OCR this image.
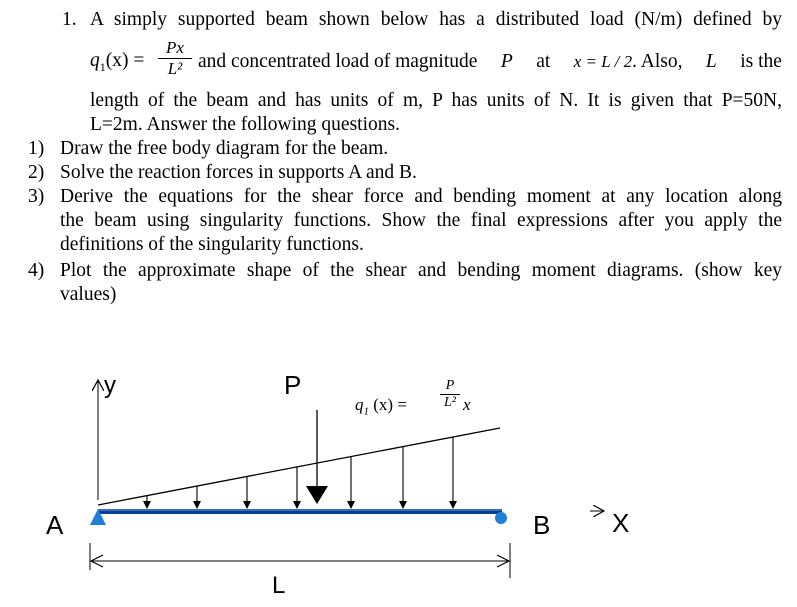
1. A simply supported beam shown below has a distributed load (N/m) defined by
$q_1(x) = \frac{Px}{\text{L²}}$ and concentrated load of magnitude P at x = L / 2. Also, L is the
length of the beam and has units of m, P has units of N. It is given that P=50N,
L=2m. Answer the following questions.
1) Draw the free body diagram for the beam.
2) Solve the reaction forces in supports A and B.
3) Derive the equations for the shear force and bending moment at any location along
the beam using singularity functions. Show the final expressions after you apply the
definitions of the singularity functions.
4) Plot the approximate shape of the shear and bending moment diagrams. (show key
values)
y	P
A	B X
L
$q_1$ $(x) = \frac{P}{\text{L²}}$ x
